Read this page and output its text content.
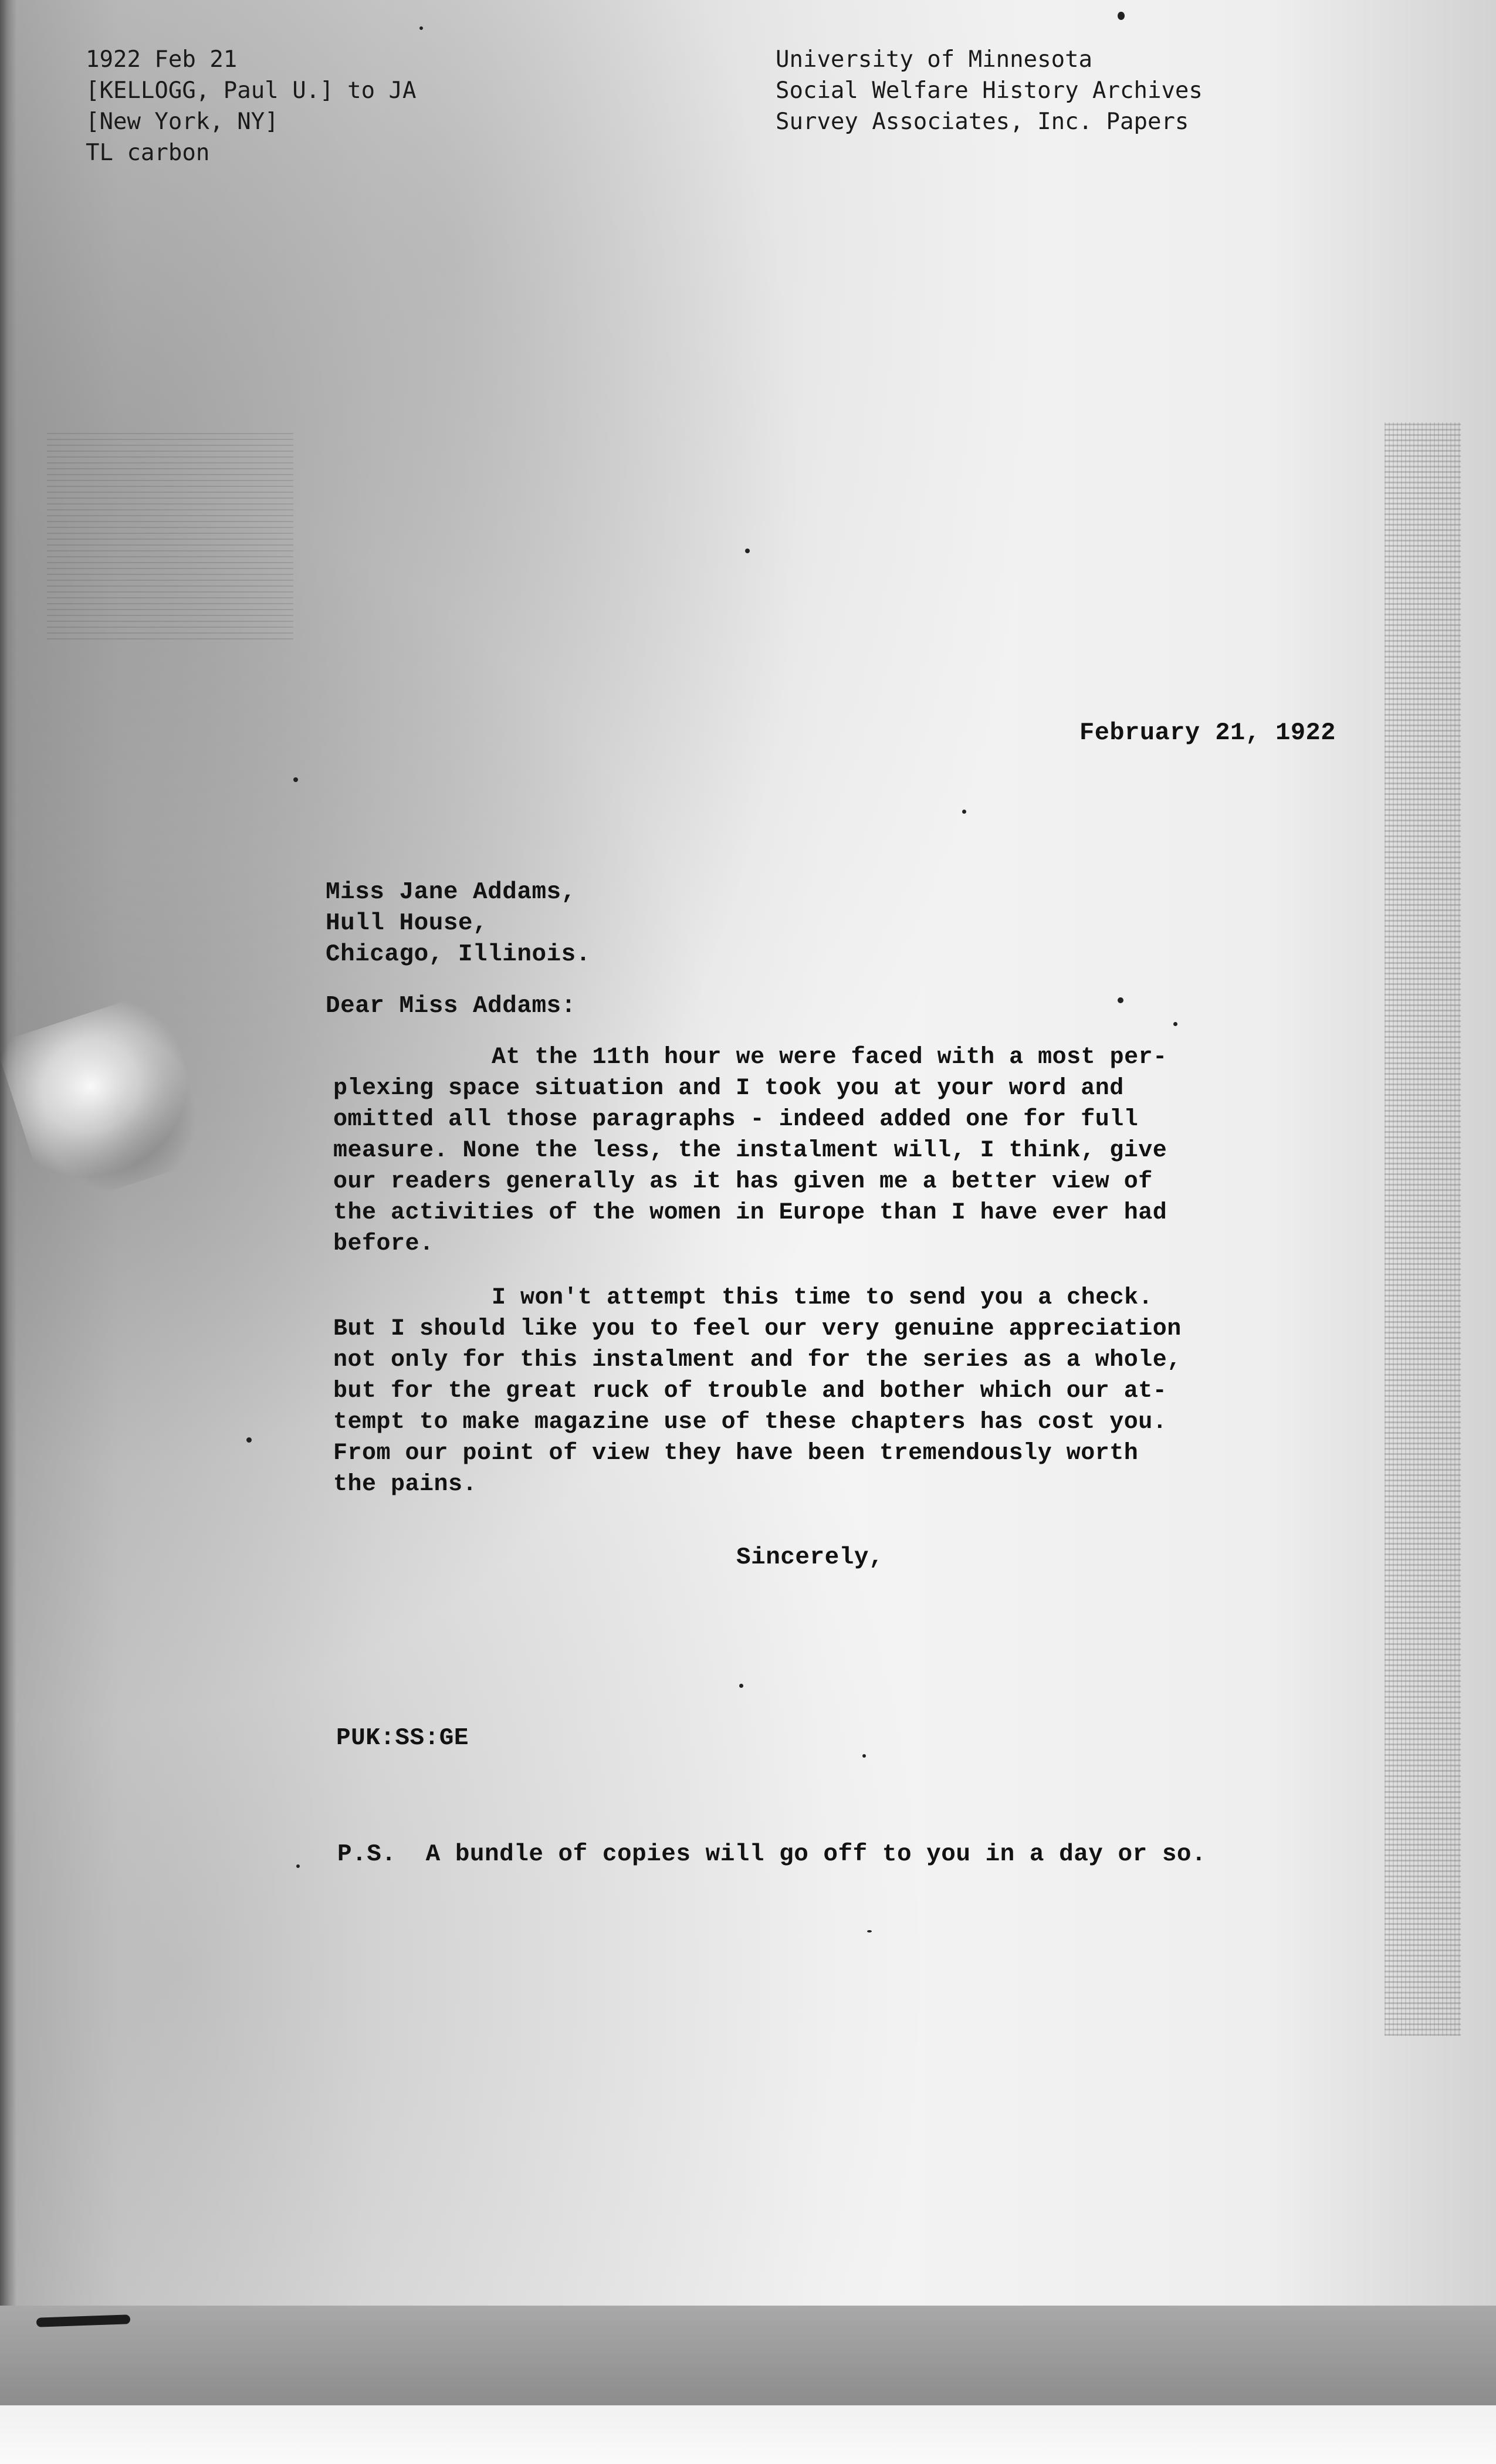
1922 Feb 21
[KELLOGG, Paul U.] to JA
[New York, NY]
TL carbon
University of Minnesota
Social Welfare History Archives
Survey Associates, Inc. Papers
February 21, 1922
Miss Jane Addams,
Hull House,
Chicago, Illinois.
Dear Miss Addams:
At the 11th hour we were faced with a most per-
plexing space situation and I took you at your word and
omitted all those paragraphs - indeed added one for full
measure. None the less, the instalment will, I think, give
our readers generally as it has given me a better view of
the activities of the women in Europe than I have ever had
before.
I won't attempt this time to send you a check.
But I should like you to feel our very genuine appreciation
not only for this instalment and for the series as a whole,
but for the great ruck of trouble and bother which our at-
tempt to make magazine use of these chapters has cost you.
From our point of view they have been tremendously worth
the pains.
Sincerely,
PUK:SS:GE
P.S.  A bundle of copies will go off to you in a day or so.
